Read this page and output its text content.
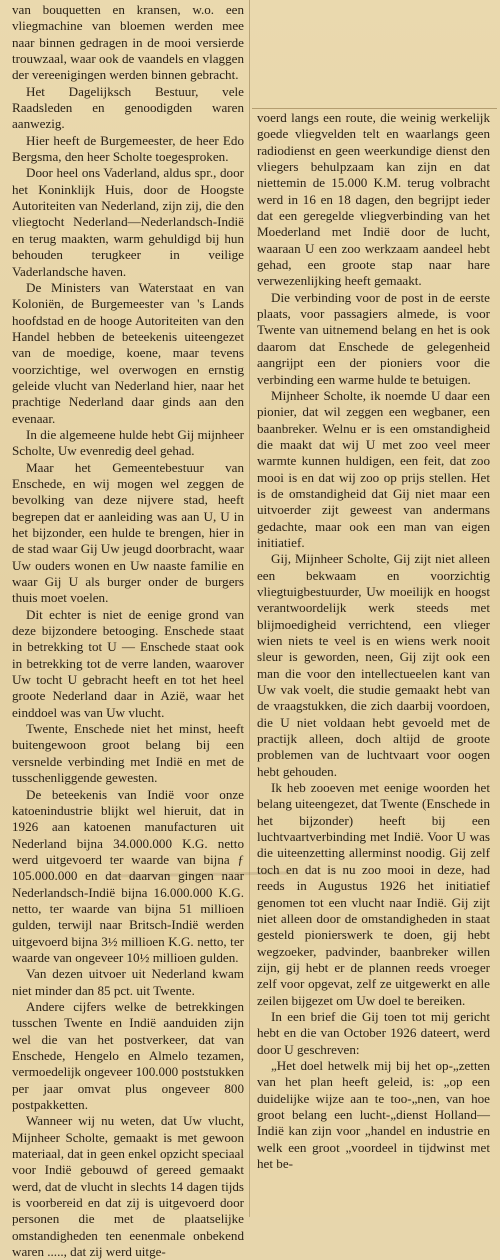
van bouquetten en kransen, w.o. een vliegmachine van bloemen werden mee naar binnen gedragen in de mooi versierde trouwzaal, waar ook de vaandels en vlaggen der vereenigingen werden binnen gebracht.

Het Dagelijksch Bestuur, vele Raadsleden en genoodigden waren aanwezig.

Hier heeft de Burgemeester, de heer Edo Bergsma, den heer Scholte toegesproken.

Door heel ons Vaderland, aldus spr., door het Koninklijk Huis, door de Hoogste Autoriteiten van Nederland, zijn zij, die den vliegtocht Nederland—Nederlandsch-Indië en terug maakten, warm gehuldigd bij hun behouden terugkeer in veilige Vaderlandsche haven.

De Ministers van Waterstaat en van Koloniën, de Burgemeester van 's Lands hoofdstad en de hooge Autoriteiten van den Handel hebben de beteekenis uiteengezet van de moedige, koene, maar tevens voorzichtige, wel overwogen en ernstig geleide vlucht van Nederland hier, naar het prachtige Nederland daar ginds aan den evenaar.

In die algemeene hulde hebt Gij mijnheer Scholte, Uw evenredig deel gehad.

Maar het Gemeentebestuur van Enschede, en wij mogen wel zeggen de bevolking van deze nijvere stad, heeft begrepen dat er aanleiding was aan U, U in het bijzonder, een hulde te brengen, hier in de stad waar Gij Uw jeugd doorbracht, waar Uw ouders wonen en Uw naaste familie en waar Gij U als burger onder de burgers thuis moet voelen.

Dit echter is niet de eenige grond van deze bijzondere betooging. Enschede staat in betrekking tot U — Enschede staat ook in betrekking tot de verre landen, waarover Uw tocht U gebracht heeft en tot het heel groote Nederland daar in Azië, waar het einddoel was van Uw vlucht.

Twente, Enschede niet het minst, heeft buitengewoon groot belang bij een versnelde verbinding met Indië en met de tusschenliggende gewesten.

De beteekenis van Indië voor onze katoenindustrie blijkt wel hieruit, dat in 1926 aan katoenen manufacturen uit Nederland bijna 34.000.000 K.G. netto werd uitgevoerd ter waarde van bijna ƒ 105.000.000 en dat daarvan gingen naar Nederlandsch-Indië bijna 16.000.000 K.G. netto, ter waarde van bijna 51 millioen gulden, terwijl naar Britsch-Indië werden uitgevoerd bijna 3½ millioen K.G. netto, ter waarde van ongeveer 10½ millioen gulden.

Van dezen uitvoer uit Nederland kwam niet minder dan 85 pct. uit Twente.

Andere cijfers welke de betrekkingen tusschen Twente en Indië aanduiden zijn wel die van het postverkeer, dat van Enschede, Hengelo en Almelo tezamen, vermoedelijk ongeveer 100.000 poststukken per jaar omvat plus ongeveer 800 postpakketten.

Wanneer wij nu weten, dat Uw vlucht, Mijnheer Scholte, gemaakt is met gewoon materiaal, dat in geen enkel opzicht speciaal voor Indië gebouwd of gereed gemaakt werd, dat de vlucht in slechts 14 dagen tijds is voorbereid en dat zij is uitgevoerd door personen die met de plaatselijke omstandigheden ten eenenmale onbekend waren ....., dat zij werd uitge-

voerd langs een route, die weinig werkelijk goede vliegvelden telt en waarlangs geen radiodienst en geen weerkundige dienst den vliegers behulpzaam kan zijn en dat niettemin de 15.000 K.M. terug volbracht werd in 16 en 18 dagen, den begrijpt ieder dat een geregelde vliegverbinding van het Moederland met Indië door de lucht, waaraan U een zoo werkzaam aandeel hebt gehad, een groote stap naar hare verwezenlijking heeft gemaakt.

Die verbinding voor de post in de eerste plaats, voor passagiers almede, is voor Twente van uitnemend belang en het is ook daarom dat Enschede de gelegenheid aangrijpt een der pioniers voor die verbinding een warme hulde te betuigen.

Mijnheer Scholte, ik noemde U daar een pionier, dat wil zeggen een wegbaner, een baanbreker. Welnu er is een omstandigheid die maakt dat wij U met zoo veel meer warmte kunnen huldigen, een feit, dat zoo mooi is en dat wij zoo op prijs stellen. Het is de omstandigheid dat Gij niet maar een uitvoerder zijt geweest van andermans gedachte, maar ook een man van eigen initiatief.

Gij, Mijnheer Scholte, Gij zijt niet alleen een bekwaam en voorzichtig vliegtuigbestuurder, Uw moeilijk en hoogst verantwoordelijk werk steeds met blijmoedigheid verrichtend, een vlieger wien niets te veel is en wiens werk nooit sleur is geworden, neen, Gij zijt ook een man die voor den intellectueelen kant van Uw vak voelt, die studie gemaakt hebt van de vraagstukken, die zich daarbij voordoen, die U niet voldaan hebt gevoeld met de practijk alleen, doch altijd de groote problemen van de luchtvaart voor oogen hebt gehouden.

Ik heb zooeven met eenige woorden het belang uiteengezet, dat Twente (Enschede in het bijzonder) heeft bij een luchtvaartverbinding met Indië. Voor U was die uiteenzetting allerminst noodig. Gij zelf toch en dat is nu zoo mooi in deze, had reeds in Augustus 1926 het initiatief genomen tot een vlucht naar Indië. Gij zijt niet alleen door de omstandigheden in staat gesteld pionierswerk te doen, gij hebt wegzoeker, padvinder, baanbreker willen zijn, gij hebt er de plannen reeds vroeger zelf voor opgevat, zelf ze uitgewerkt en alle zeilen bijgezet om Uw doel te bereiken.

In een brief die Gij toen tot mij gericht hebt en die van October 1926 dateert, werd door U geschreven:

„Het doel hetwelk mij bij het op-„zetten van het plan heeft geleid, is: „op een duidelijke wijze aan te too-„nen, van hoe groot belang een lucht-„dienst Holland—Indië kan zijn voor „handel en industrie en welk een groot „voordeel in tijdwinst met het be-
